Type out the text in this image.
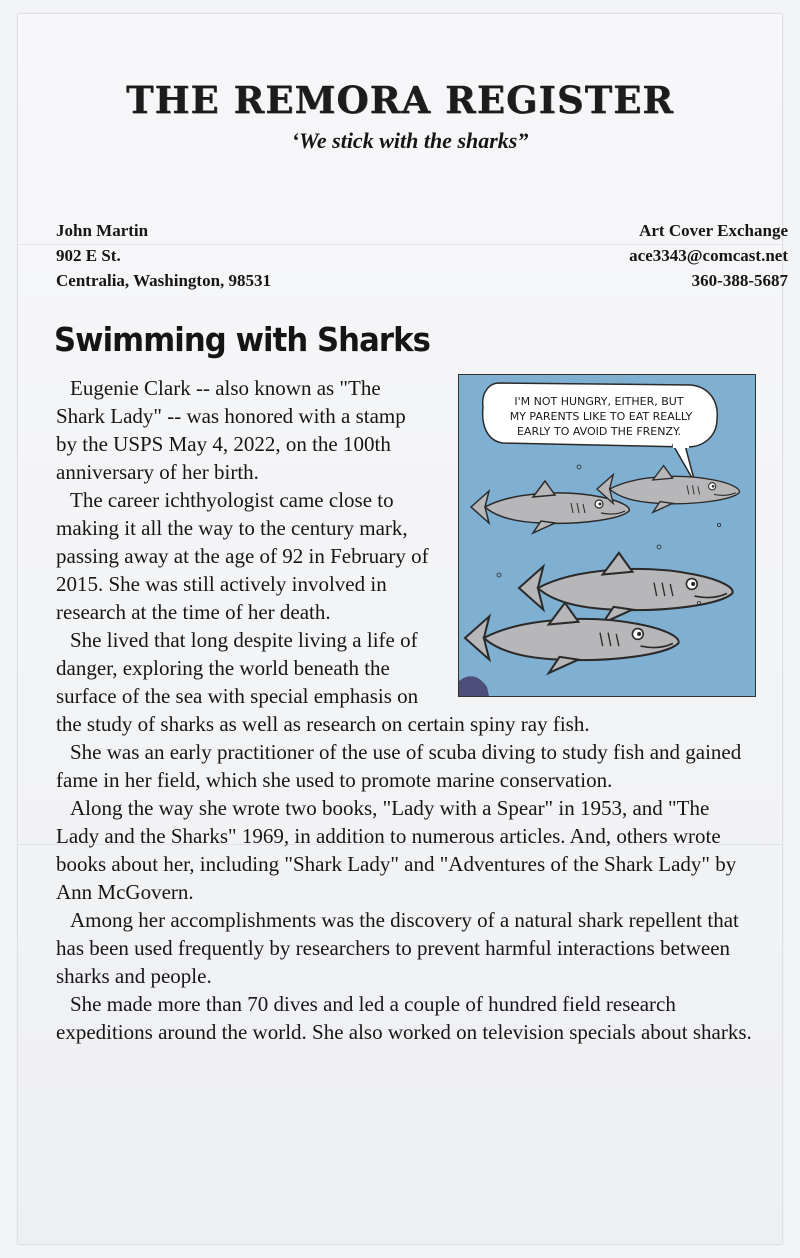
THE REMORA REGISTER
‘We stick with the sharks”
John Martin
902 E St.
Centralia, Washington, 98531
Art Cover Exchange
ace3343@comcast.net
360-388-5687
Swimming with Sharks
I'M NOT HUNGRY, EITHER, BUT
MY PARENTS LIKE TO EAT REALLY
EARLY TO AVOID THE FRENZY.

Eugenie Clark -- also known as "The Shark Lady" -- was honored with a stamp by the USPS May 4, 2022, on the 100th anniversary of her birth.

The career ichthyologist came close to making it all the way to the century mark, passing away at the age of 92 in February of 2015. She was still actively involved in research at the time of her death.

She lived that long despite living a life of danger, exploring the world beneath the surface of the sea with special emphasis on the study of sharks as well as research on certain spiny ray fish.

She was an early practitioner of the use of scuba diving to study fish and gained fame in her field, which she used to promote marine conservation.

Along the way she wrote two books, "Lady with a Spear" in 1953, and "The Lady and the Sharks" 1969, in addition to numerous articles. And, others wrote books about her, including "Shark Lady" and "Adventures of the Shark Lady" by Ann McGovern.

Among her accomplishments was the discovery of a natural shark repellent that has been used frequently by researchers to prevent harmful interactions between sharks and people.

She made more than 70 dives and led a couple of hundred field research expeditions around the world. She also worked on television specials about sharks.
